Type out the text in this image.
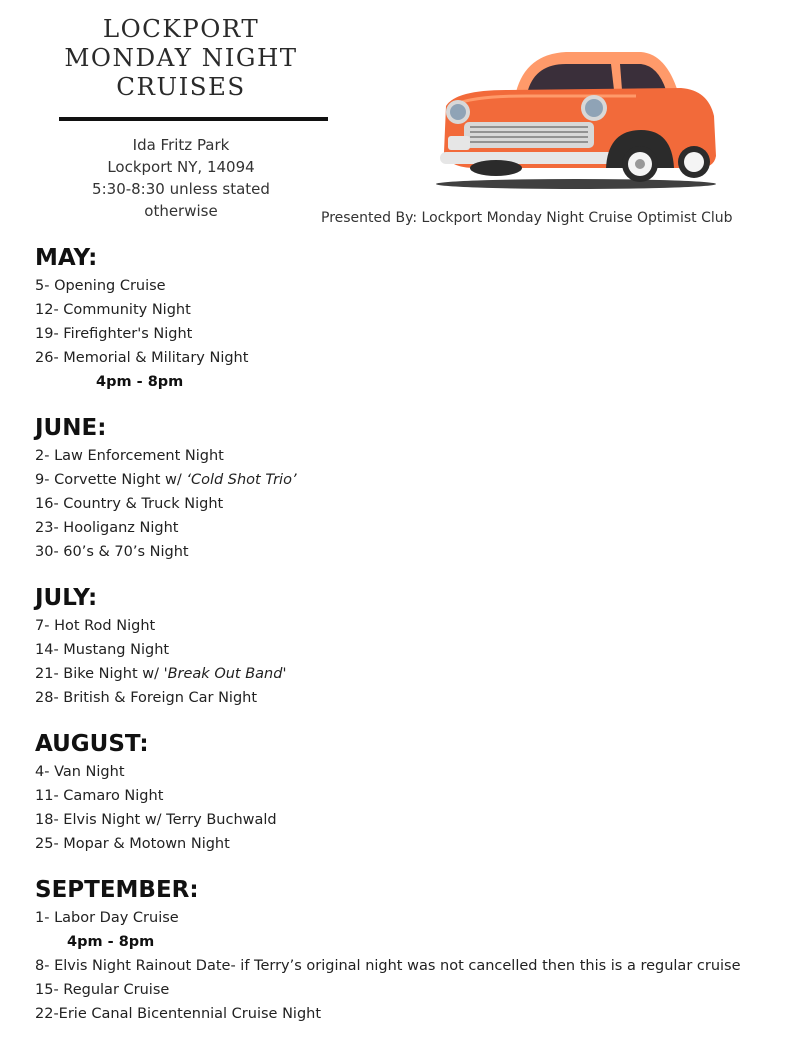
LOCKPORT
MONDAY NIGHT
CRUISES
Ida Fritz Park
Lockport NY, 14094
5:30-8:30 unless stated
otherwise	Presented By: Lockport Monday Night Cruise Optimist Club
MAY:
5- Opening Cruise
12- Community Night
19- Firefighter's Night
26- Memorial & Military Night
4pm - 8pm
JUNE:
2- Law Enforcement Night
9- Corvette Night w/ ‘Cold Shot Trio’
16- Country & Truck Night
23- Hooliganz Night
30- 60’s & 70’s Night
JULY:
7- Hot Rod Night
14- Mustang Night
21- Bike Night w/ 'Break Out Band'
28- British & Foreign Car Night
AUGUST:
4- Van Night
11- Camaro Night
18- Elvis Night w/ Terry Buchwald
25- Mopar & Motown Night
SEPTEMBER:
1- Labor Day Cruise
4pm - 8pm
8- Elvis Night Rainout Date- if Terry’s original night was not cancelled then this is a regular cruise
15- Regular Cruise
22-Erie Canal Bicentennial Cruise Night
